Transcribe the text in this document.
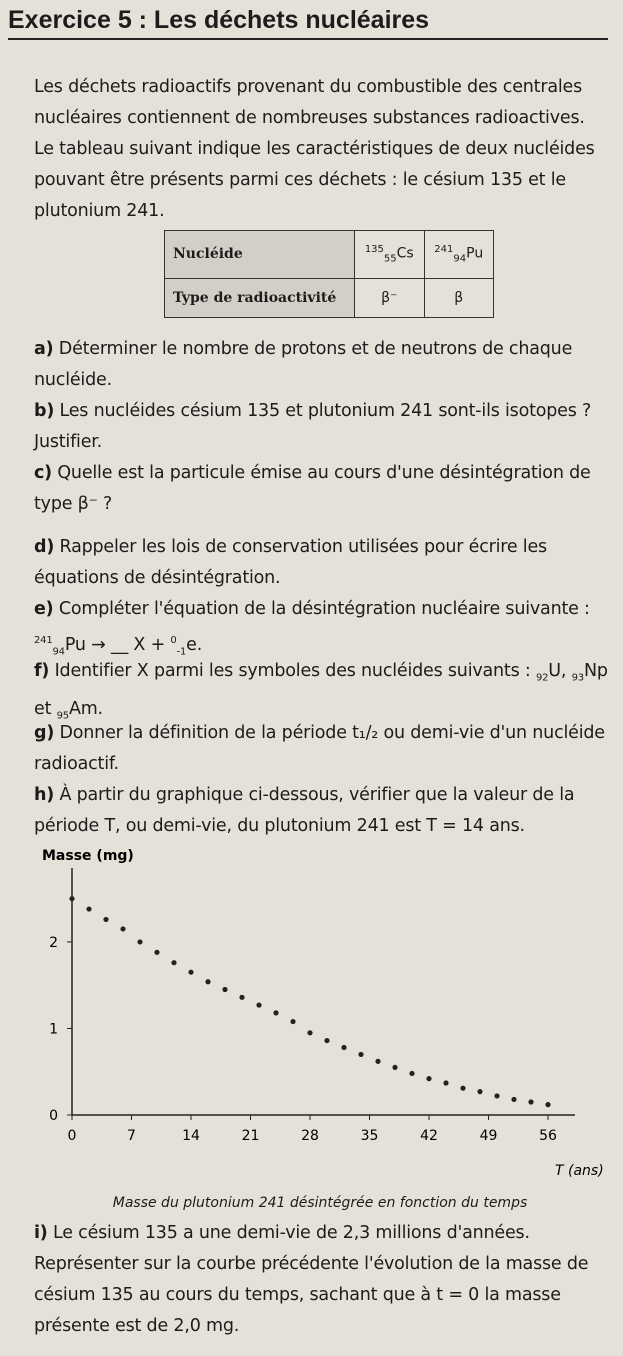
Exercice 5 : Les déchets nucléaires
Les déchets radioactifs provenant du combustible des centrales nucléaires contiennent de nombreuses substances radioactives. Le tableau suivant indique les caractéristiques de deux nucléides pouvant être présents parmi ces déchets : le césium 135 et le plutonium 241.
Nucléide	$^{135}_{55}$Cs	$^{241}_{94}$Pu
Type de radioactivité	β⁻	β
a) Déterminer le nombre de protons et de neutrons de chaque nucléide.
b) Les nucléides césium 135 et plutonium 241 sont-ils isotopes ? Justifier.
c) Quelle est la particule émise au cours d'une désintégration de type β⁻ ?
d) Rappeler les lois de conservation utilisées pour écrire les équations de désintégration.
e) Compléter l'équation de la désintégration nucléaire suivante : $^{241}_{94}$Pu → __ X + $^0_{-1}$e.
f) Identifier X parmi les symboles des nucléides suivants : $_{92}$U, $_{93}$Np et $_{95}$Am.
g) Donner la définition de la période t₁/₂ ou demi-vie d'un nucléide radioactif.
h) À partir du graphique ci-dessous, vérifier que la valeur de la période T, ou demi-vie, du plutonium 241 est T = 14 ans.
Masse (mg)
T (ans)
0	7	14	21	28	35	42	49	56
0
1
2
Masse du plutonium 241 désintégrée en fonction du temps
i) Le césium 135 a une demi-vie de 2,3 millions d'années. Représenter sur la courbe précédente l'évolution de la masse de césium 135 au cours du temps, sachant que à t = 0 la masse présente est de 2,0 mg.
